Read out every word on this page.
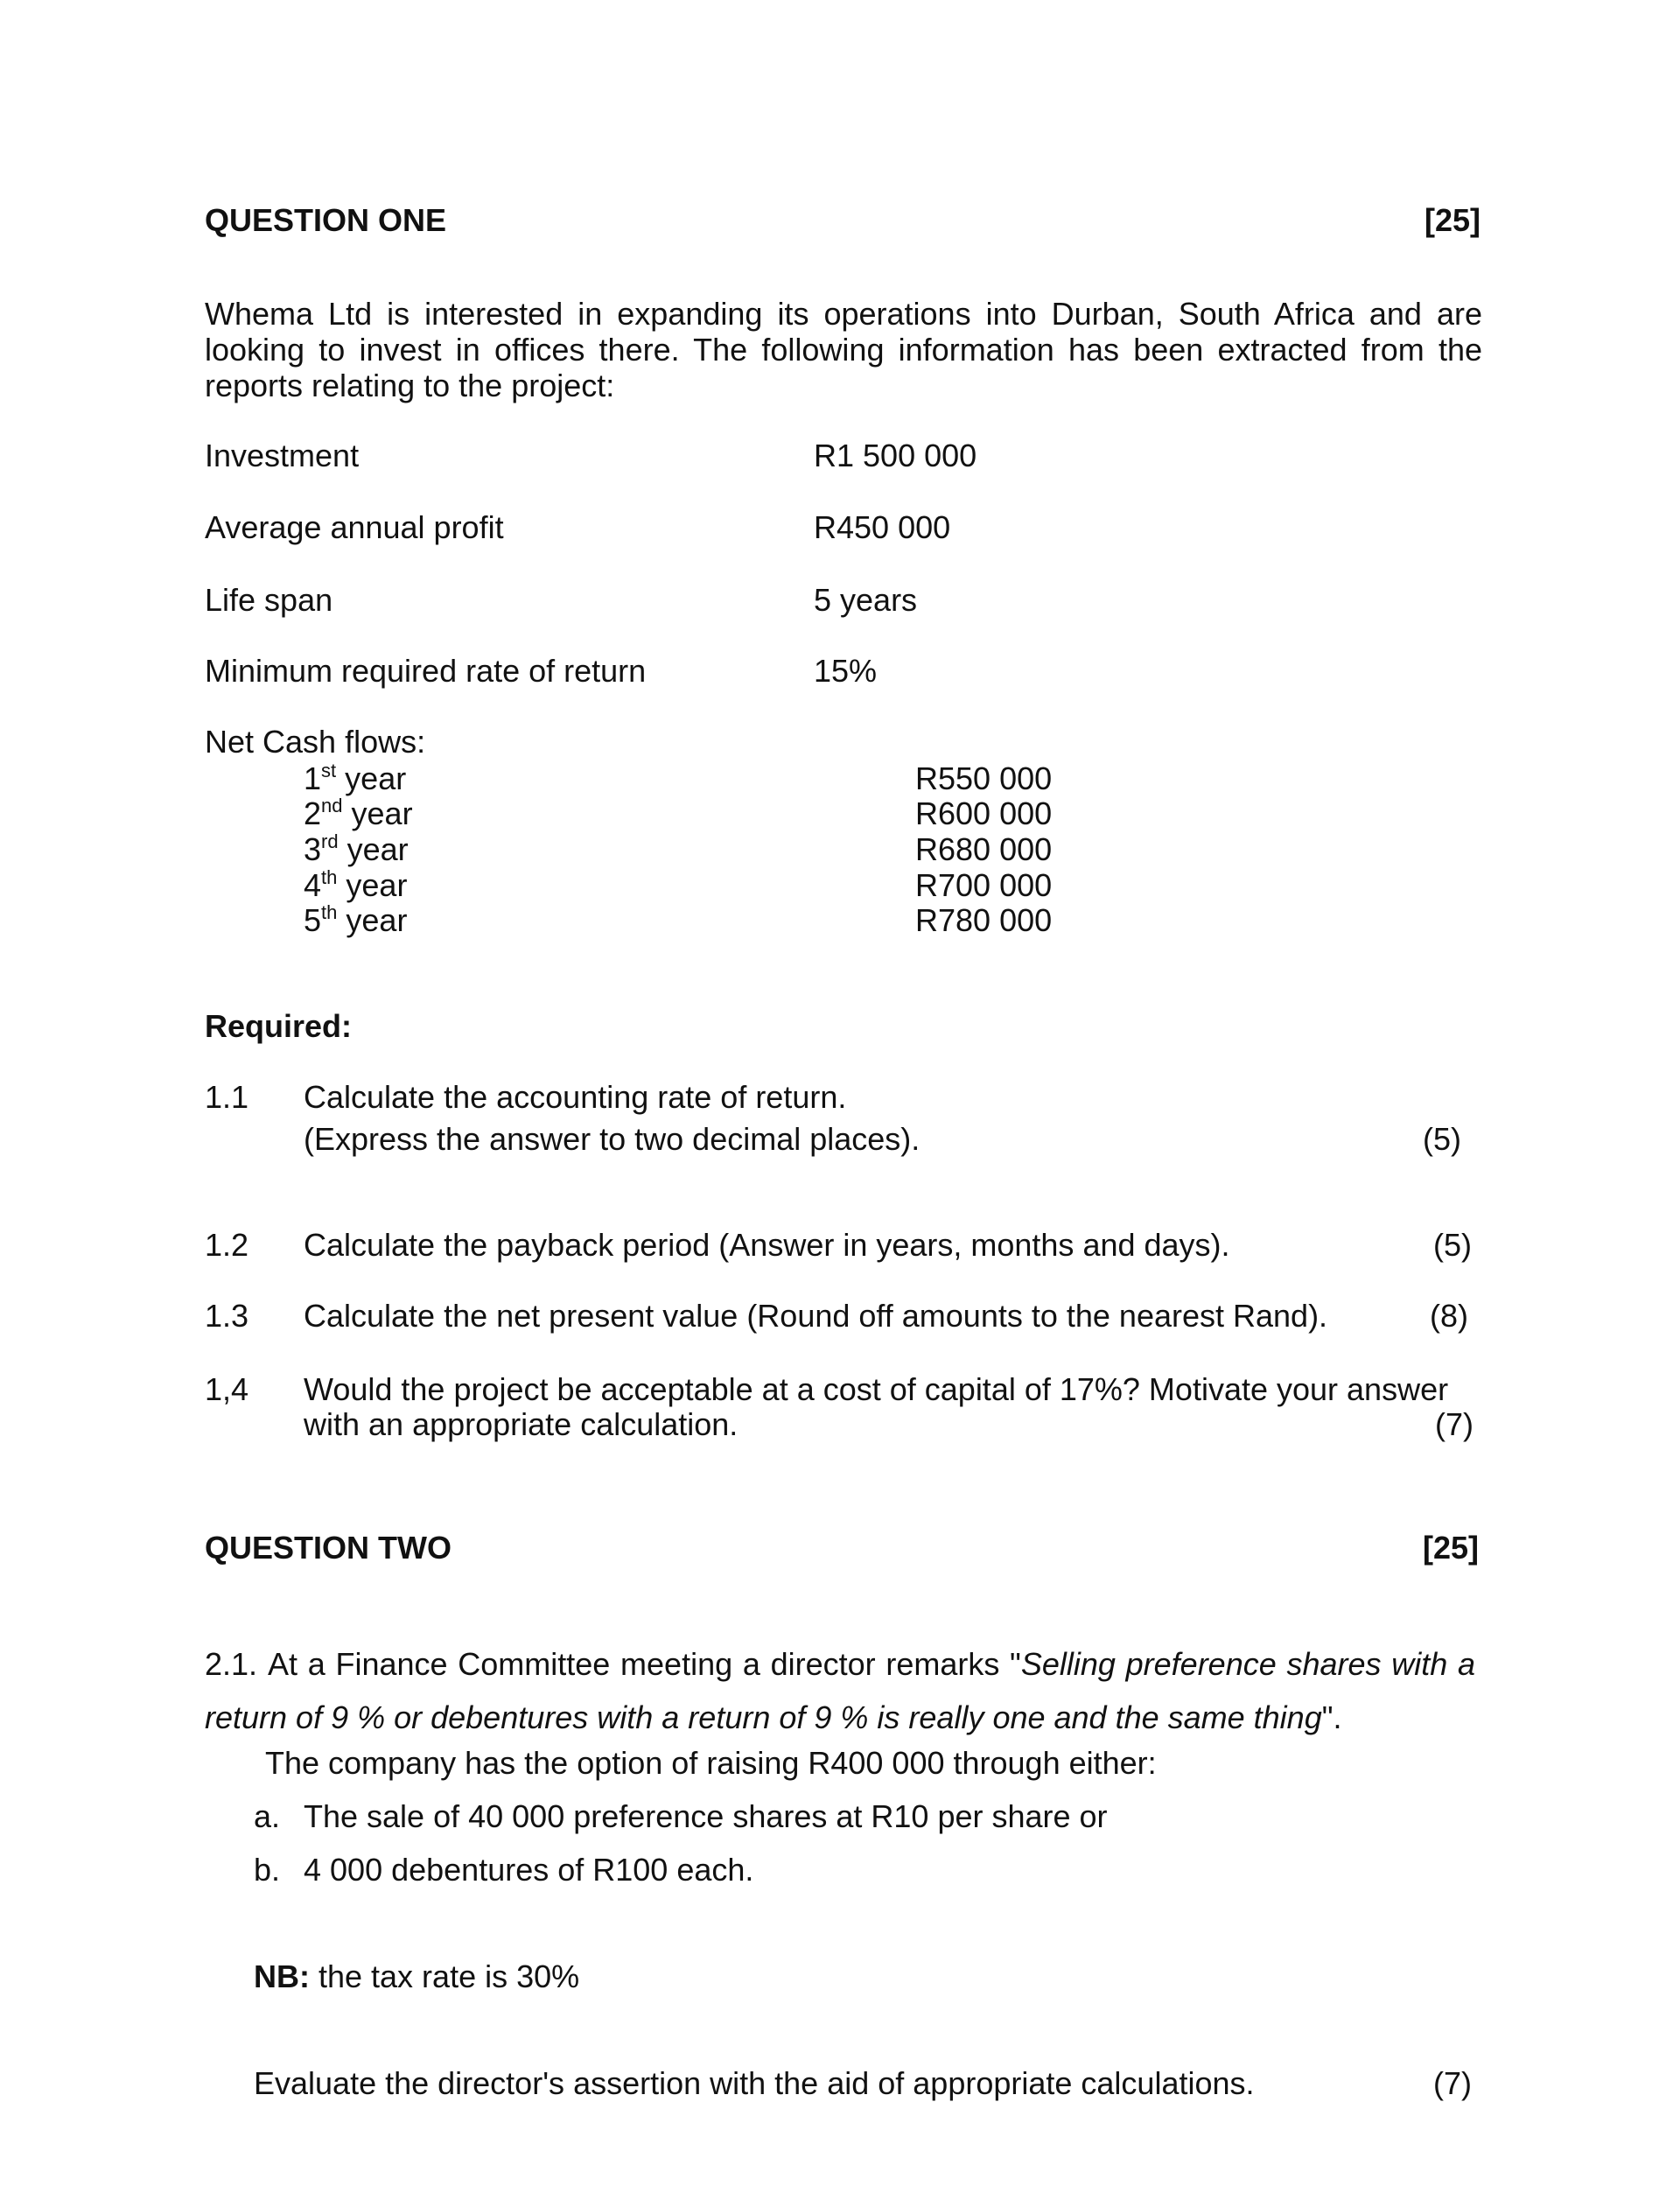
QUESTION ONE	[25]
Whema Ltd is interested in expanding its operations into Durban, South Africa and are looking to invest in offices there. The following information has been extracted from the reports relating to the project:
Investment	R1 500 000
Average annual profit	R450 000
Life span	5 years
Minimum required rate of return	15%
Net Cash flows:
1st year	R550 000
2nd year	R600 000
3rd year	R680 000
4th year	R700 000
5th year	R780 000
Required:
1.1 Calculate the accounting rate of return.
(Express the answer to two decimal places).	(5)
1.2 Calculate the payback period (Answer in years, months and days).	(5)
1.3 Calculate the net present value (Round off amounts to the nearest Rand).	(8)
1,4 Would the project be acceptable at a cost of capital of 17%? Motivate your answer
with an appropriate calculation.	(7)
QUESTION TWO	[25]
2.1. At a Finance Committee meeting a director remarks "Selling preference shares with a return of 9 % or debentures with a return of 9 % is really one and the same thing".
The company has the option of raising R400 000 through either:
a. The sale of 40 000 preference shares at R10 per share or
b. 4 000 debentures of R100 each.
NB: the tax rate is 30%
Evaluate the director's assertion with the aid of appropriate calculations.	(7)
